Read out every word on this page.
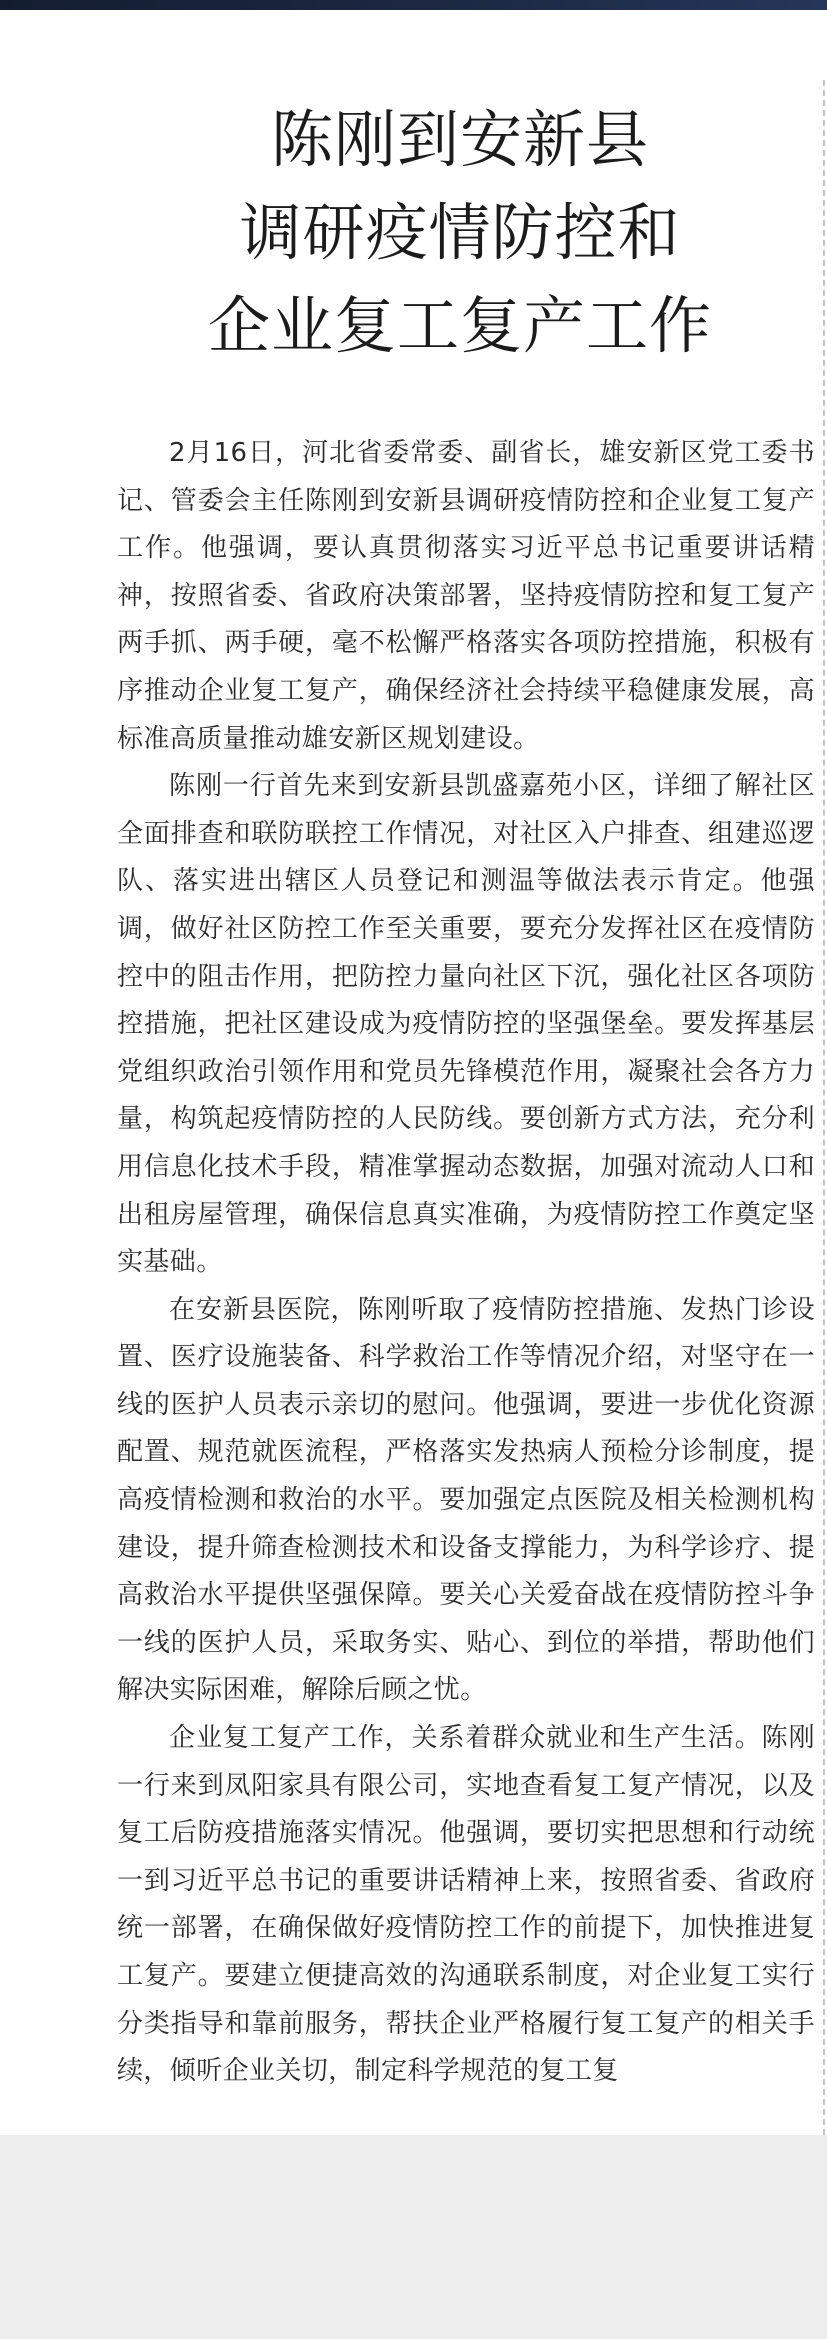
陈刚到安新县
调研疫情防控和
企业复工复产工作

2月16日，河北省委常委、副省长，雄安新区党工委书记、管委会主任陈刚到安新县调研疫情防控和企业复工复产工作。他强调，要认真贯彻落实习近平总书记重要讲话精神，按照省委、省政府决策部署，坚持疫情防控和复工复产两手抓、两手硬，毫不松懈严格落实各项防控措施，积极有序推动企业复工复产，确保经济社会持续平稳健康发展，高标准高质量推动雄安新区规划建设。

陈刚一行首先来到安新县凯盛嘉苑小区，详细了解社区全面排查和联防联控工作情况，对社区入户排查、组建巡逻队、落实进出辖区人员登记和测温等做法表示肯定。他强调，做好社区防控工作至关重要，要充分发挥社区在疫情防控中的阻击作用，把防控力量向社区下沉，强化社区各项防控措施，把社区建设成为疫情防控的坚强堡垒。要发挥基层党组织政治引领作用和党员先锋模范作用，凝聚社会各方力量，构筑起疫情防控的人民防线。要创新方式方法，充分利用信息化技术手段，精准掌握动态数据，加强对流动人口和出租房屋管理，确保信息真实准确，为疫情防控工作奠定坚实基础。

在安新县医院，陈刚听取了疫情防控措施、发热门诊设置、医疗设施装备、科学救治工作等情况介绍，对坚守在一线的医护人员表示亲切的慰问。他强调，要进一步优化资源配置、规范就医流程，严格落实发热病人预检分诊制度，提高疫情检测和救治的水平。要加强定点医院及相关检测机构建设，提升筛查检测技术和设备支撑能力，为科学诊疗、提高救治水平提供坚强保障。要关心关爱奋战在疫情防控斗争一线的医护人员，采取务实、贴心、到位的举措，帮助他们解决实际困难，解除后顾之忧。

企业复工复产工作，关系着群众就业和生产生活。陈刚一行来到凤阳家具有限公司，实地查看复工复产情况，以及复工后防疫措施落实情况。他强调，要切实把思想和行动统一到习近平总书记的重要讲话精神上来，按照省委、省政府统一部署，在确保做好疫情防控工作的前提下，加快推进复工复产。要建立便捷高效的沟通联系制度，对企业复工实行分类指导和靠前服务，帮扶企业严格履行复工复产的相关手续，倾听企业关切，制定科学规范的复工复
